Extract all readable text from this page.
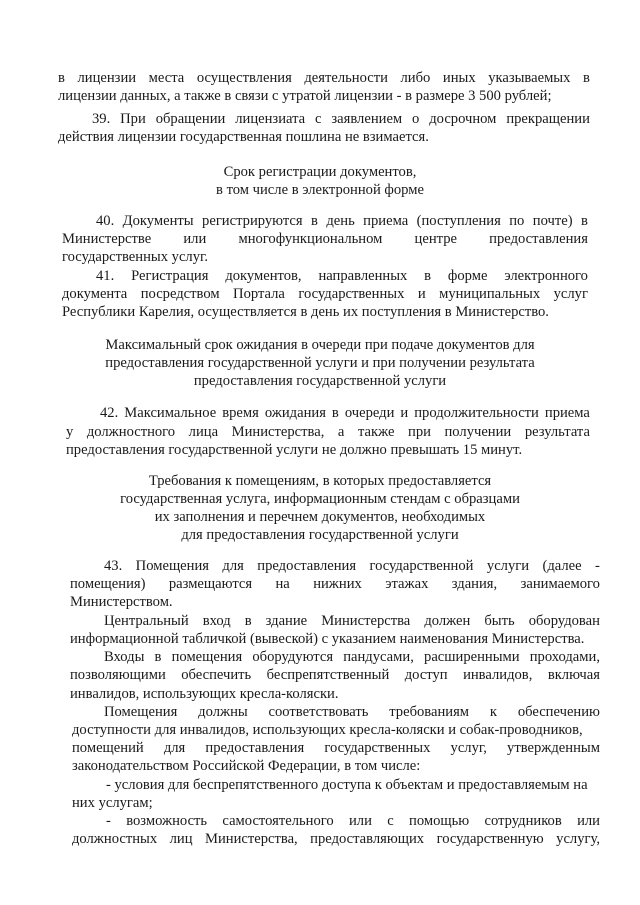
в лицензии места осуществления деятельности либо иных указываемых в
лицензии данных, а также в связи с утратой лицензии - в размере 3 500 рублей;
39. При обращении лицензиата с заявлением о досрочном прекращении
действия лицензии государственная пошлина не взимается.
Срок регистрации документов,
в том числе в электронной форме
40. Документы регистрируются в день приема (поступления по почте) в
Министерстве или многофункциональном центре предоставления
государственных услуг.
41. Регистрация документов, направленных в форме электронного
документа посредством Портала государственных и муниципальных услуг
Республики Карелия, осуществляется в день их поступления в Министерство.
Максимальный срок ожидания в очереди при подаче документов для
предоставления государственной услуги и при получении результата
предоставления государственной услуги
42. Максимальное время ожидания в очереди и продолжительности приема
у должностного лица Министерства, а также при получении результата
предоставления государственной услуги не должно превышать 15 минут.
Требования к помещениям, в которых предоставляется
государственная услуга, информационным стендам с образцами
их заполнения и перечнем документов, необходимых
для предоставления государственной услуги
43. Помещения для предоставления государственной услуги (далее -
помещения) размещаются на нижних этажах здания, занимаемого
Министерством.
Центральный вход в здание Министерства должен быть оборудован
информационной табличкой (вывеской) с указанием наименования Министерства.
Входы в помещения оборудуются пандусами, расширенными проходами,
позволяющими обеспечить беспрепятственный доступ инвалидов, включая
инвалидов, использующих кресла-коляски.
Помещения должны соответствовать требованиям к обеспечению
доступности для инвалидов, использующих кресла-коляски и собак-проводников,
помещений для предоставления государственных услуг, утвержденным
законодательством Российской Федерации, в том числе:
- условия для беспрепятственного доступа к объектам и предоставляемым на
них услугам;
- возможность самостоятельного или с помощью сотрудников или
должностных лиц Министерства, предоставляющих государственную услугу,
